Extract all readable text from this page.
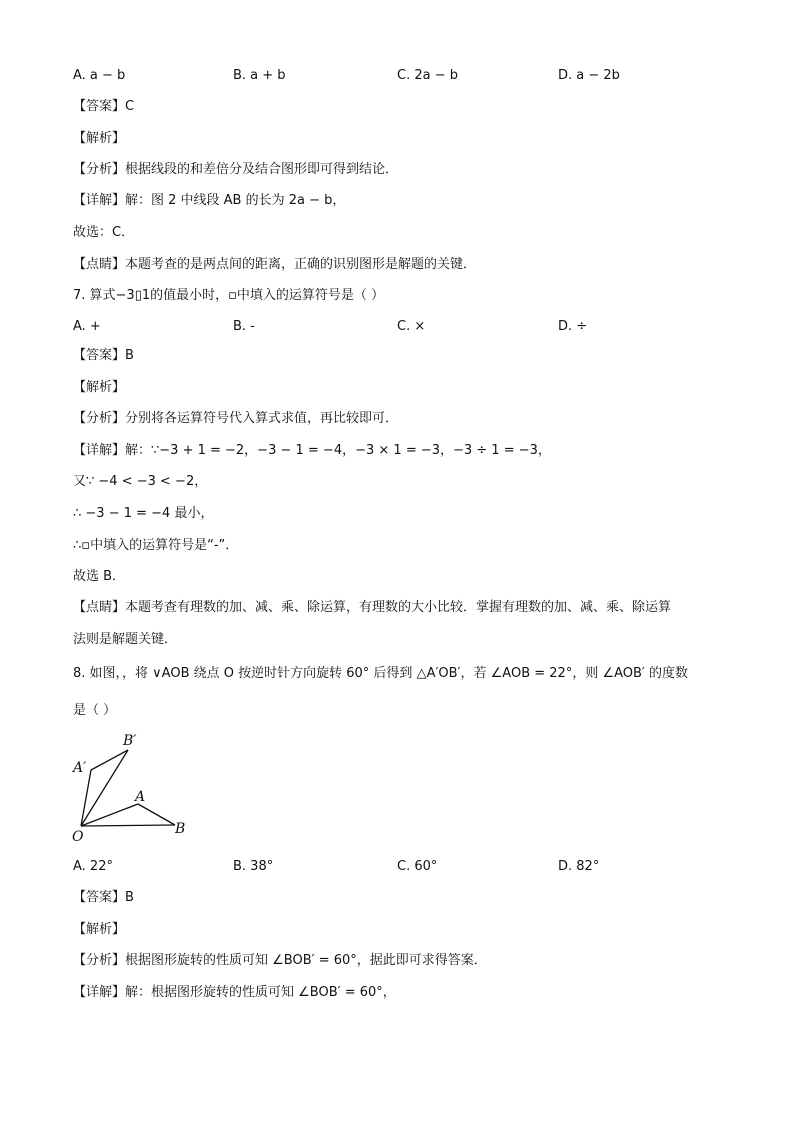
A. a − b	B. a + b	C. 2a − b	D. a − 2b
【答案】C
【解析】
【分析】根据线段的和差倍分及结合图形即可得到结论．
【详解】解：图 2 中线段 AB 的长为 2a − b，
故选：C．
【点睛】本题考查的是两点间的距离，正确的识别图形是解题的关键．
7. 算式−3▯1的值最小时，▫中填入的运算符号是（ ）
A. +	B. -	C. ×	D. ÷
【答案】B
【解析】
【分析】分别将各运算符号代入算式求值，再比较即可．
【详解】解：∵−3 + 1 = −2，−3 − 1 = −4，−3 × 1 = −3，−3 ÷ 1 = −3，
又∵ −4 < −3 < −2，
∴ −3 − 1 = −4 最小，
∴▫中填入的运算符号是“-”．
故选 B．
【点睛】本题考查有理数的加、减、乘、除运算，有理数的大小比较．掌握有理数的加、减、乘、除运算
法则是解题关键．
8. 如图，，将 ∨AOB 绕点 O 按逆时针方向旋转 60° 后得到 △A′OB′，若 ∠AOB = 22°，则 ∠AOB′ 的度数
是（ ）
B′
A′
A
B
O
A. 22°	B. 38°	C. 60°	D. 82°
【答案】B
【解析】
【分析】根据图形旋转的性质可知 ∠BOB′ = 60°，据此即可求得答案．
【详解】解：根据图形旋转的性质可知 ∠BOB′ = 60°，
